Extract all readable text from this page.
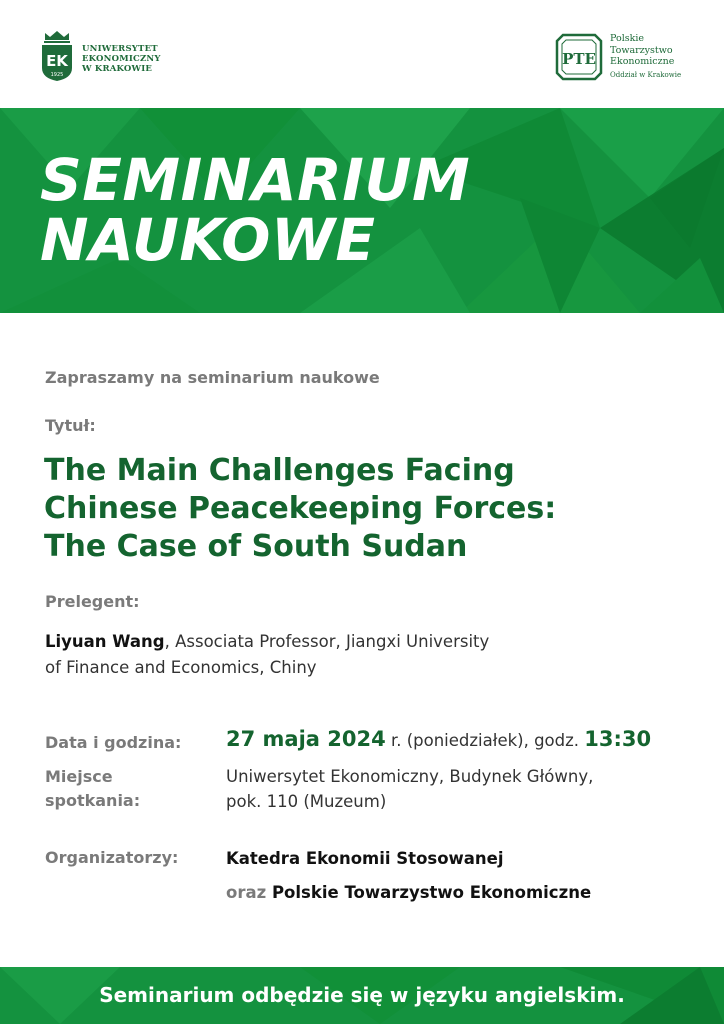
EK
1925
UNIWERSYTET
EKONOMICZNY
W KRAKOWIE
PTE
Polskie
Towarzystwo
Ekonomiczne
Oddział w Krakowie
SEMINARIUM
NAUKOWE
Zapraszamy na seminarium naukowe
Tytuł:
The Main Challenges Facing
Chinese Peacekeeping Forces:
The Case of South Sudan
Prelegent:
Liyuan Wang, Associata Professor, Jiangxi University
of Finance and Economics, Chiny
Data i godzina: 27 maja 2024 r. (poniedziałek), godz. 13:30
Miejsce
spotkania:
Uniwersytet Ekonomiczny, Budynek Główny,
pok. 110 (Muzeum)
Organizatorzy:	Katedra Ekonomii Stosowanej
oraz Polskie Towarzystwo Ekonomiczne
Seminarium odbędzie się w języku angielskim.
